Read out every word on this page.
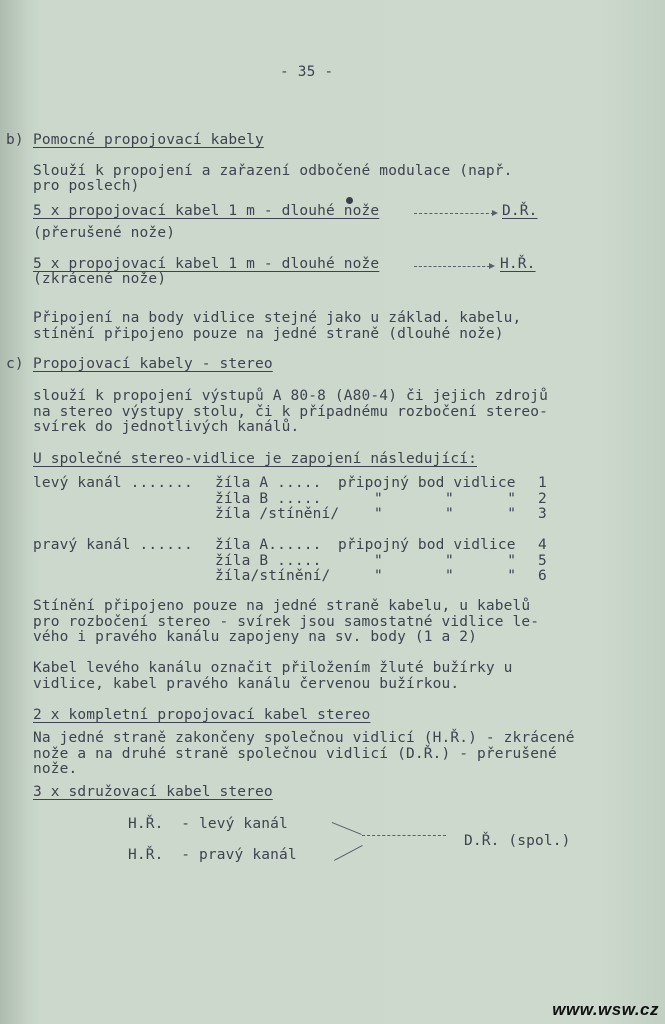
- 35 -
b) Pomocné propojovací kabely
Slouží k propojení a zařazení odbočené modulace (např.
pro poslech)
5 x propojovací kabel 1 m - dlouhé nože	D.Ř.
(přerušené nože)
5 x propojovací kabel 1 m - dlouhé nože	H.Ř.
(zkrácené nože)
Připojení na body vidlice stejné jako u základ. kabelu,
stínění připojeno pouze na jedné straně (dlouhé nože)
c) Propojovací kabely - stereo
slouží k propojení výstupů A 80-8 (A80-4) či jejich zdrojů
na stereo výstupy stolu, či k případnému rozbočení stereo-
svírek do jednotlivých kanálů.
U společné stereo-vidlice je zapojení následující:
levý kanál ....... žíla A ..... připojný bod vidlice 1
žíla B .....	"       "      " 2
žíla /stínění/ "       "      " 3
pravý kanál ...... žíla A...... připojný bod vidlice 4
žíla B .....	"       "      " 5
žíla/stínění/	"       "      " 6
Stínění připojeno pouze na jedné straně kabelu, u kabelů
pro rozbočení stereo - svírek jsou samostatné vidlice le-
vého i pravého kanálu zapojeny na sv. body (1 a 2)
Kabel levého kanálu označit přiložením žluté bužírky u
vidlice, kabel pravého kanálu červenou bužírkou.
2 x kompletní propojovací kabel stereo
Na jedné straně zakončeny společnou vidlicí (H.Ř.) - zkrácené
nože a na druhé straně společnou vidlicí (D.Ř.) - přerušené
nože.
3 x sdružovací kabel stereo
H.Ř.  - levý kanál
H.Ř.  - pravý kanál
D.Ř. (spol.)
www.wsw.cz
